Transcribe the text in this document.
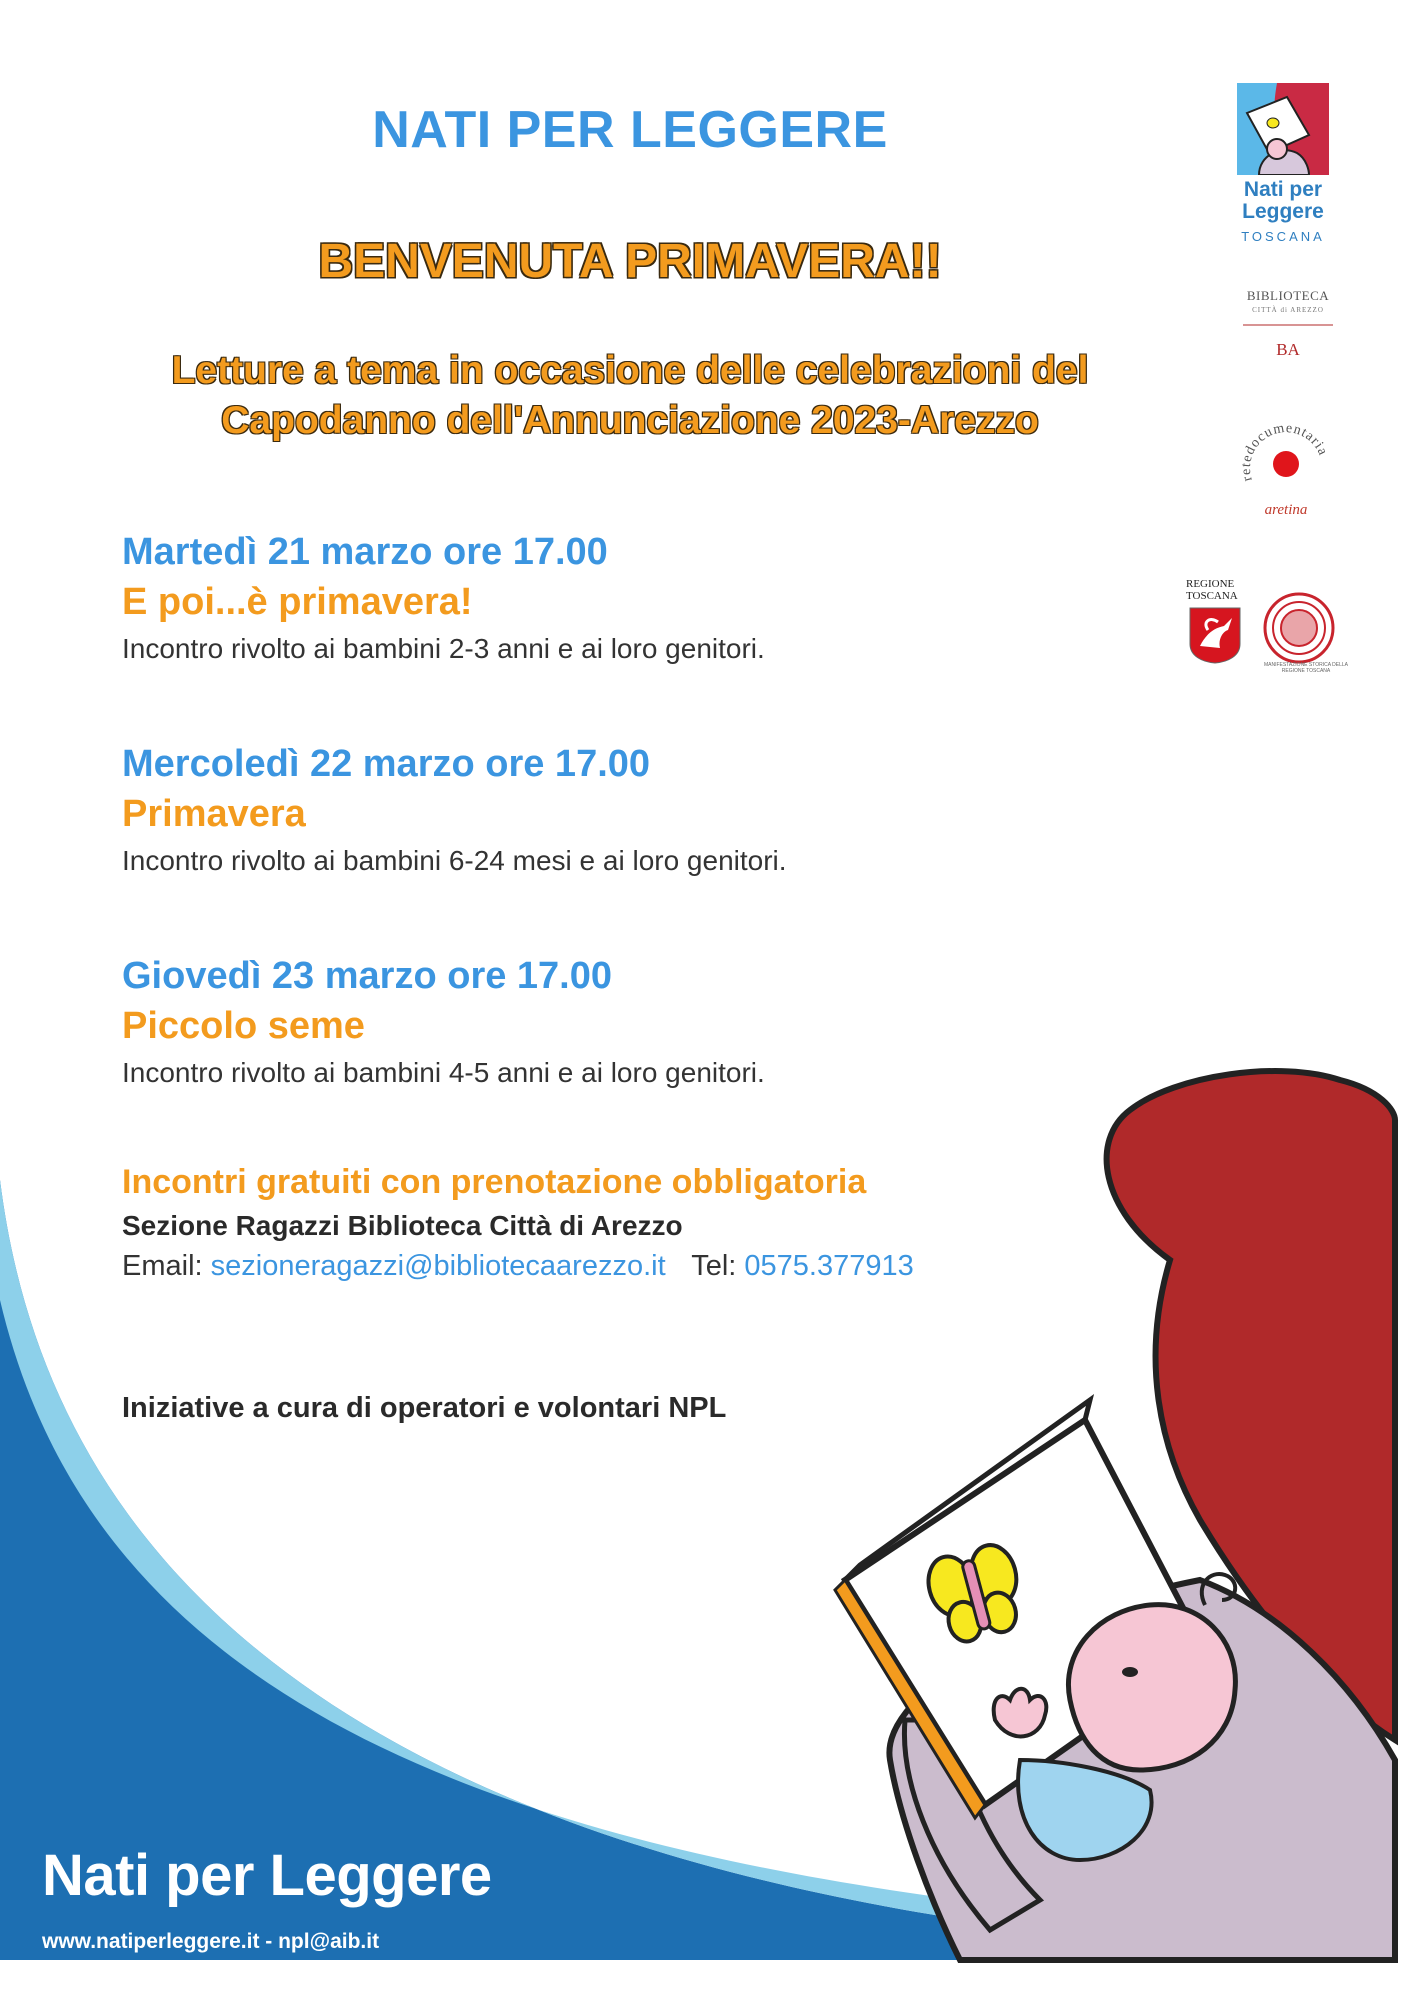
NATI PER LEGGERE
BENVENUTA PRIMAVERA!!
Letture a tema in occasione delle celebrazioni del
Capodanno dell'Annunciazione 2023-Arezzo
Martedì 21 marzo ore 17.00
E poi...è primavera!
Incontro rivolto ai bambini 2-3 anni e ai loro genitori.
Mercoledì 22 marzo ore 17.00
Primavera
Incontro rivolto ai bambini 6-24 mesi e ai loro genitori.
Giovedì 23 marzo ore 17.00
Piccolo seme
Incontro rivolto ai bambini 4-5 anni e ai loro genitori.
Incontri gratuiti con prenotazione obbligatoria
Sezione Ragazzi Biblioteca Città di Arezzo
Email: sezioneragazzi@bibliotecaarezzo.it Tel: 0575.377913
Iniziative a cura di operatori e volontari NPL
Nati per Leggere
www.natiperleggere.it - npl@aib.it
Nati per
Leggere
TOSCANA
BIBLIOTECA
CITTÀ di AREZZO
BA
retedocumentaria
aretina
REGIONE
TOSCANA
MANIFESTAZIONE STORICA DELLA REGIONE TOSCANA
